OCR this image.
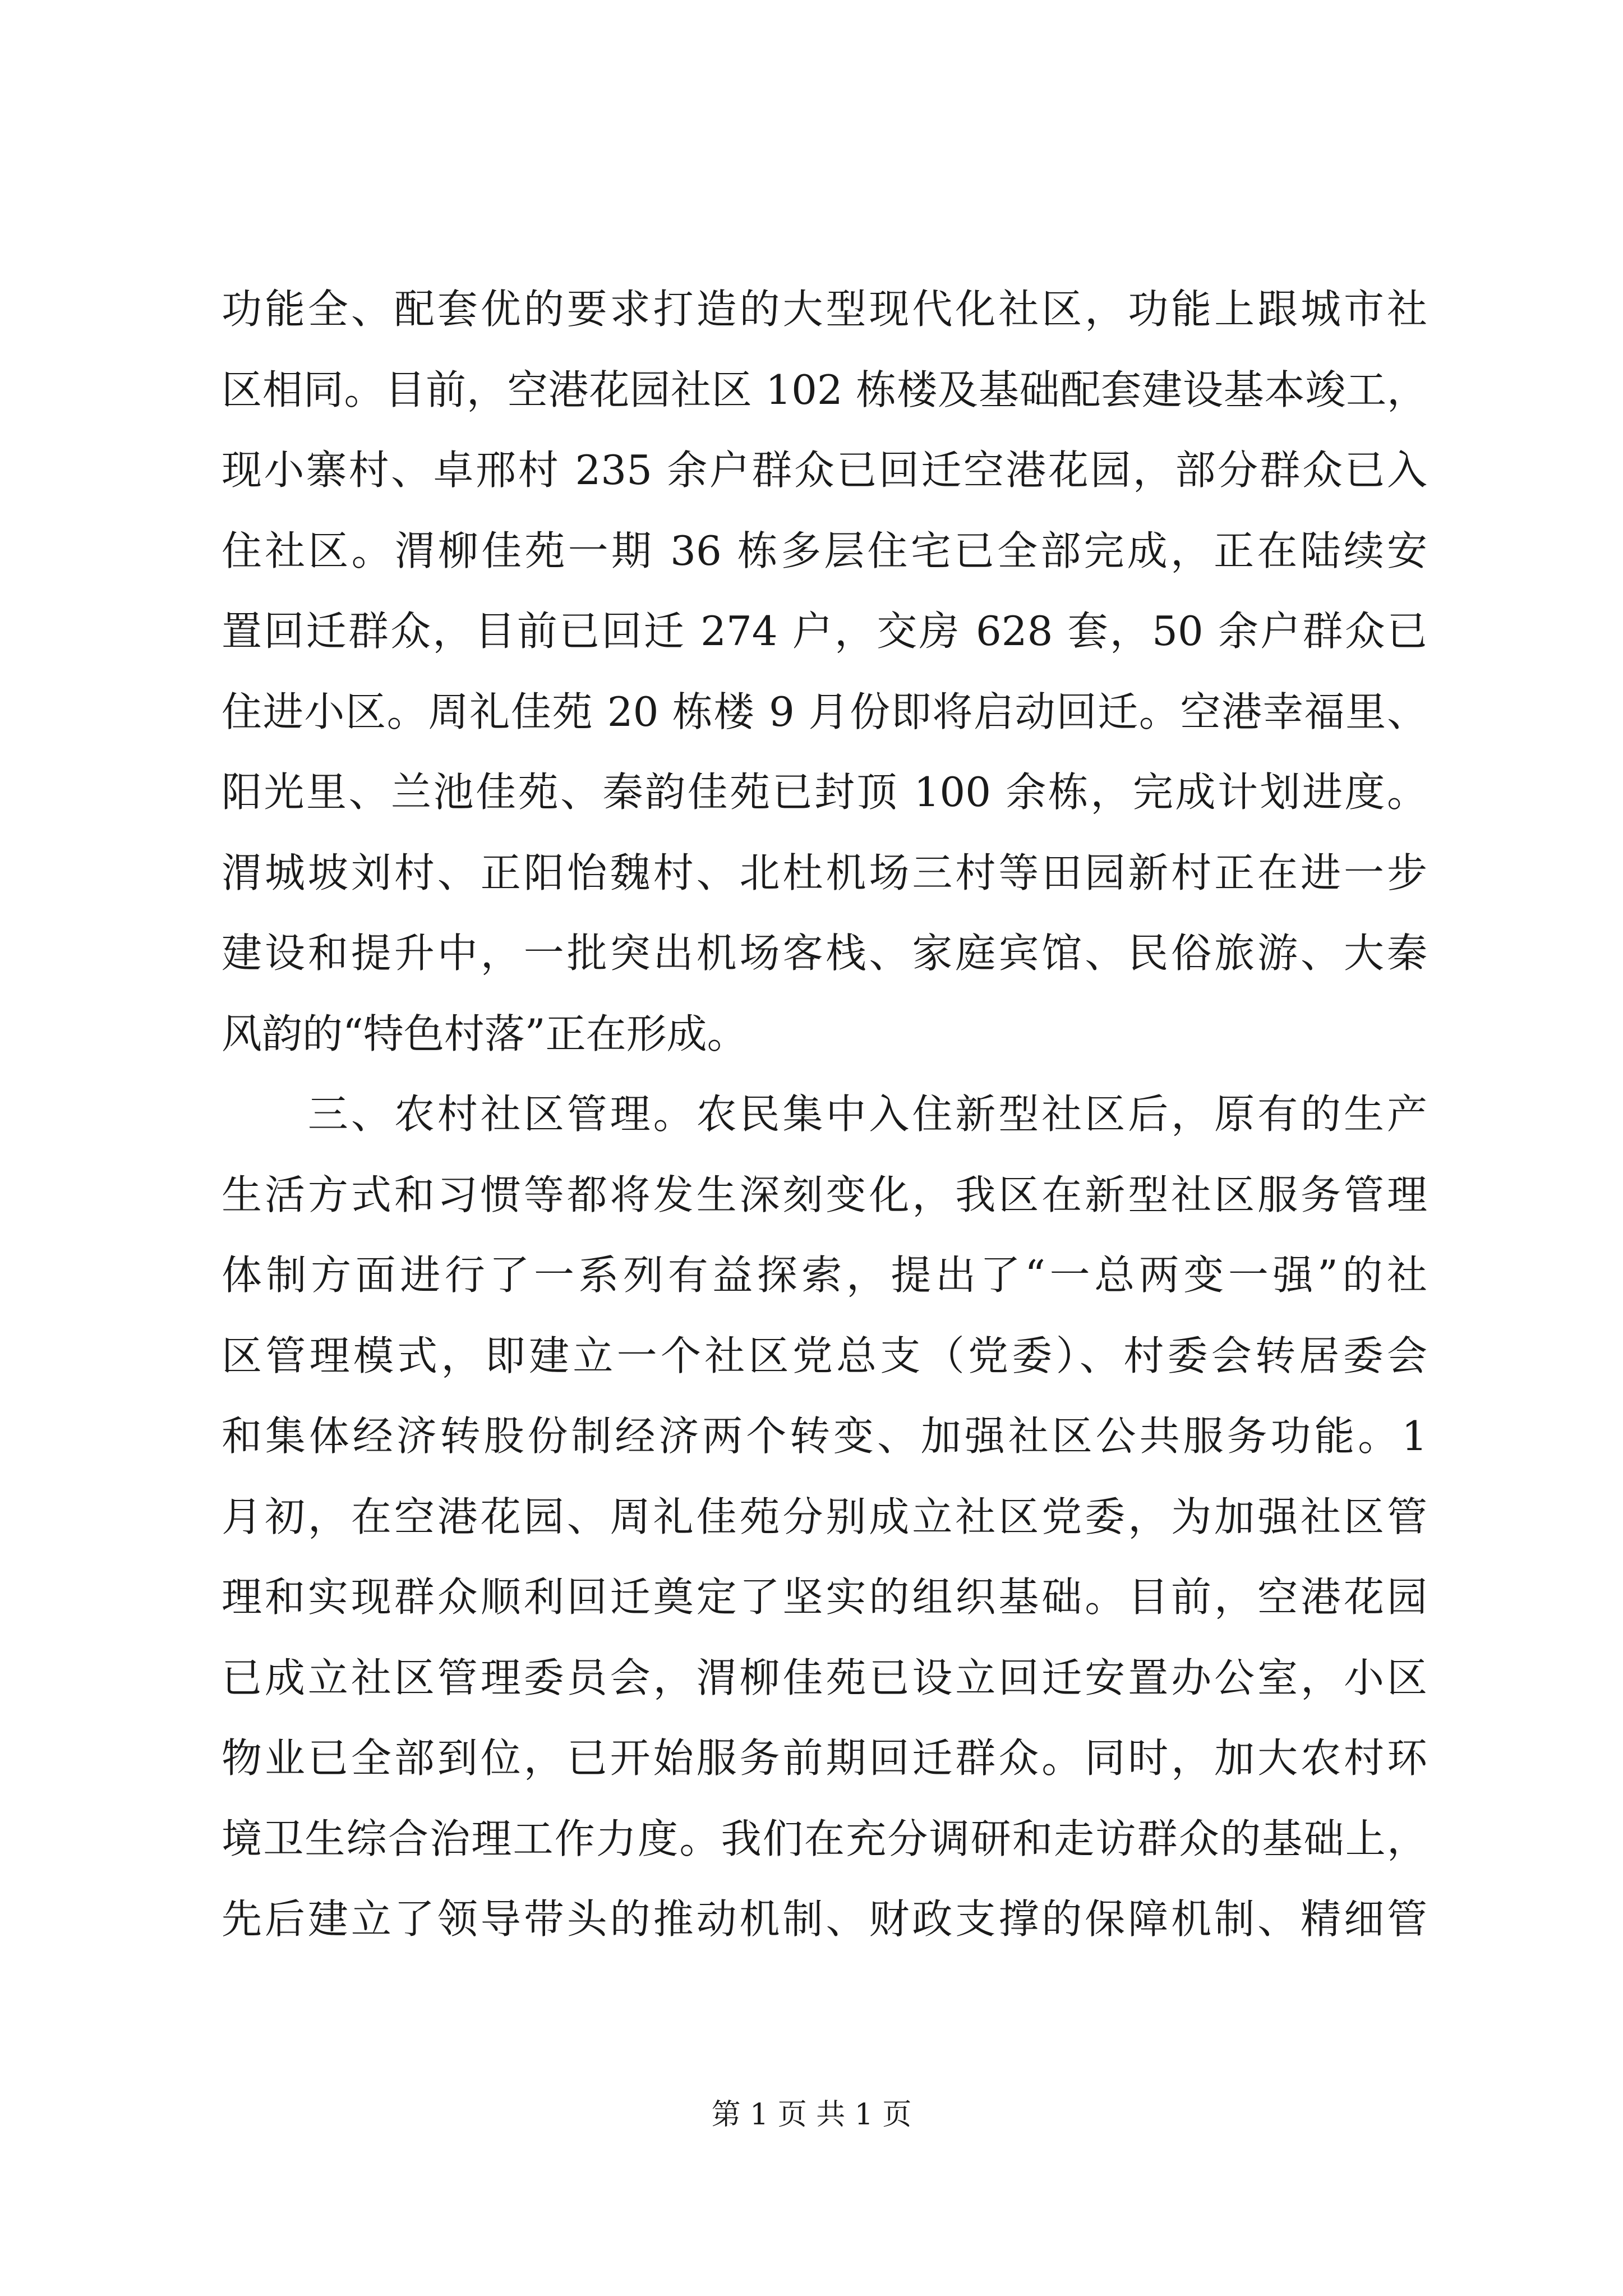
功能全、配套优的要求打造的大型现代化社区，功能上跟城市社
区相同。目前，空港花园社区 102 栋楼及基础配套建设基本竣工，
现小寨村、卓邢村 235 余户群众已回迁空港花园，部分群众已入
住社区。渭柳佳苑一期 36 栋多层住宅已全部完成，正在陆续安
置回迁群众，目前已回迁 274 户，交房 628 套，50 余户群众已
住进小区。周礼佳苑 20 栋楼 9 月份即将启动回迁。空港幸福里、
阳光里、兰池佳苑、秦韵佳苑已封顶 100 余栋，完成计划进度。
渭城坡刘村、正阳怡魏村、北杜机场三村等田园新村正在进一步
建设和提升中，一批突出机场客栈、家庭宾馆、民俗旅游、大秦
风韵的“特色村落”正在形成。
　　三、农村社区管理。农民集中入住新型社区后，原有的生产
生活方式和习惯等都将发生深刻变化，我区在新型社区服务管理
体制方面进行了一系列有益探索，提出了“一总两变一强”的社
区管理模式，即建立一个社区党总支（党委）、村委会转居委会
和集体经济转股份制经济两个转变、加强社区公共服务功能。1
月初，在空港花园、周礼佳苑分别成立社区党委，为加强社区管
理和实现群众顺利回迁奠定了坚实的组织基础。目前，空港花园
已成立社区管理委员会，渭柳佳苑已设立回迁安置办公室，小区
物业已全部到位，已开始服务前期回迁群众。同时，加大农村环
境卫生综合治理工作力度。我们在充分调研和走访群众的基础上，
先后建立了领导带头的推动机制、财政支撑的保障机制、精细管
第 1 页 共 1 页
